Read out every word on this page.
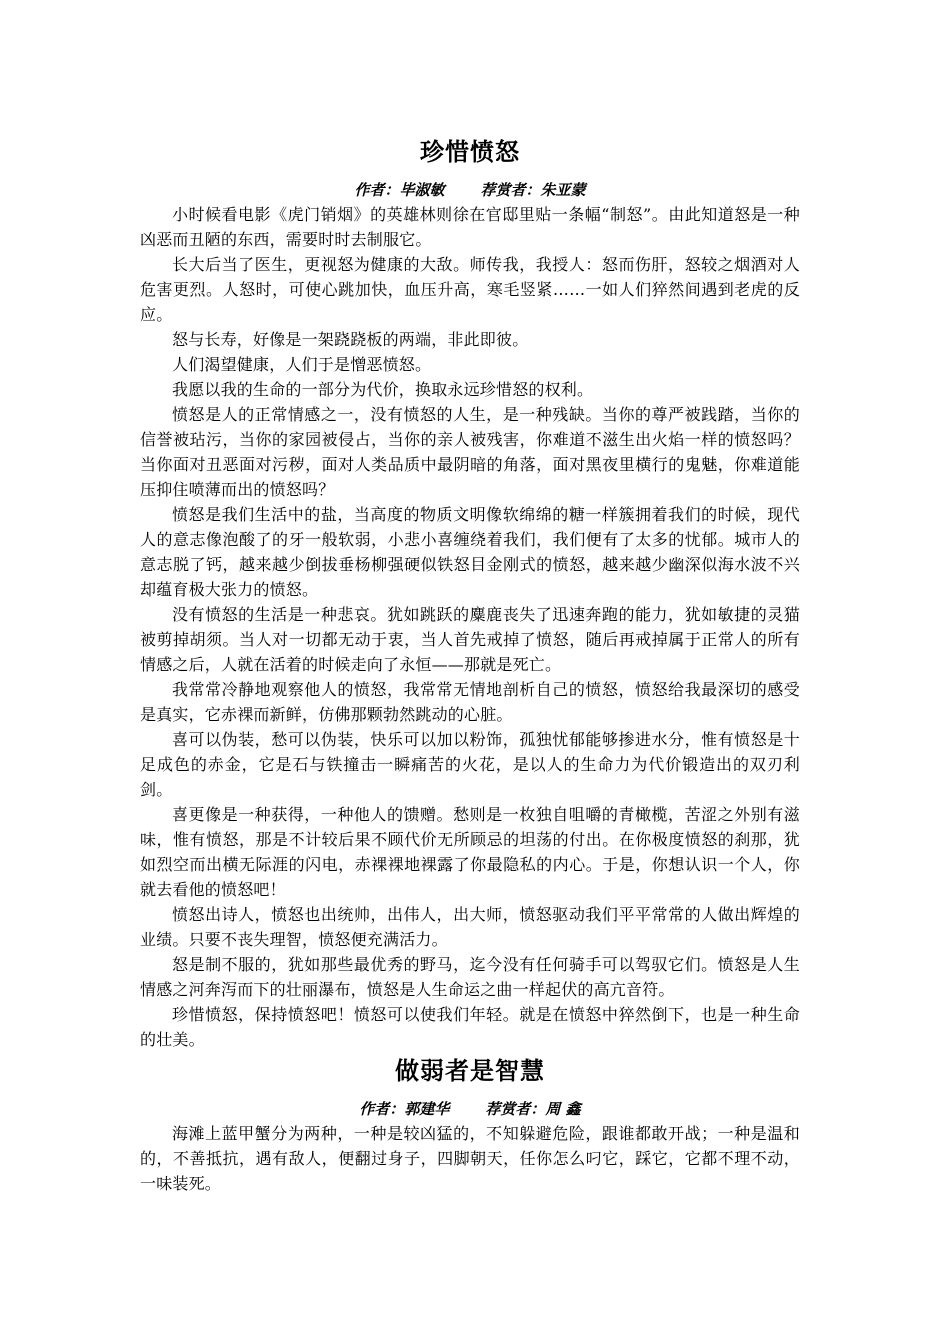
珍惜愤怒

作者：毕淑敏 荐赏者：朱亚蒙

小时候看电影《虎门销烟》的英雄林则徐在官邸里贴一条幅“制怒”。由此知道怒是一种凶恶而丑陋的东西，需要时时去制服它。

长大后当了医生，更视怒为健康的大敌。师传我，我授人：怒而伤肝，怒较之烟酒对人危害更烈。人怒时，可使心跳加快，血压升高，寒毛竖紧……一如人们猝然间遇到老虎的反应。

怒与长寿，好像是一架跷跷板的两端，非此即彼。

人们渴望健康，人们于是憎恶愤怒。

我愿以我的生命的一部分为代价，换取永远珍惜怒的权利。

愤怒是人的正常情感之一，没有愤怒的人生，是一种残缺。当你的尊严被践踏，当你的信誉被玷污，当你的家园被侵占，当你的亲人被残害，你难道不滋生出火焰一样的愤怒吗？当你面对丑恶面对污秽，面对人类品质中最阴暗的角落，面对黑夜里横行的鬼魅，你难道能压抑住喷薄而出的愤怒吗？

愤怒是我们生活中的盐，当高度的物质文明像软绵绵的糖一样簇拥着我们的时候，现代人的意志像泡酸了的牙一般软弱，小悲小喜缠绕着我们，我们便有了太多的忧郁。城市人的意志脱了钙，越来越少倒拔垂杨柳强硬似铁怒目金刚式的愤怒，越来越少幽深似海水波不兴却蕴育极大张力的愤怒。

没有愤怒的生活是一种悲哀。犹如跳跃的麋鹿丧失了迅速奔跑的能力，犹如敏捷的灵猫被剪掉胡须。当人对一切都无动于衷，当人首先戒掉了愤怒，随后再戒掉属于正常人的所有情感之后，人就在活着的时候走向了永恒——那就是死亡。

我常常冷静地观察他人的愤怒，我常常无情地剖析自己的愤怒，愤怒给我最深切的感受是真实，它赤裸而新鲜，仿佛那颗勃然跳动的心脏。

喜可以伪装，愁可以伪装，快乐可以加以粉饰，孤独忧郁能够掺进水分，惟有愤怒是十足成色的赤金，它是石与铁撞击一瞬痛苦的火花，是以人的生命力为代价锻造出的双刃利剑。

喜更像是一种获得，一种他人的馈赠。愁则是一枚独自咀嚼的青橄榄，苦涩之外别有滋味，惟有愤怒，那是不计较后果不顾代价无所顾忌的坦荡的付出。在你极度愤怒的刹那，犹如烈空而出横无际涯的闪电，赤裸裸地裸露了你最隐私的内心。于是，你想认识一个人，你就去看他的愤怒吧！

愤怒出诗人，愤怒也出统帅，出伟人，出大师，愤怒驱动我们平平常常的人做出辉煌的业绩。只要不丧失理智，愤怒便充满活力。

怒是制不服的，犹如那些最优秀的野马，迄今没有任何骑手可以驾驭它们。愤怒是人生情感之河奔泻而下的壮丽瀑布，愤怒是人生命运之曲一样起伏的高亢音符。

珍惜愤怒，保持愤怒吧！愤怒可以使我们年轻。就是在愤怒中猝然倒下，也是一种生命的壮美。

做弱者是智慧

作者：郭建华 荐赏者：周 鑫

海滩上蓝甲蟹分为两种，一种是较凶猛的，不知躲避危险，跟谁都敢开战；一种是温和的，不善抵抗，遇有敌人，便翻过身子，四脚朝天，任你怎么叼它，踩它，它都不理不动，一味装死。
